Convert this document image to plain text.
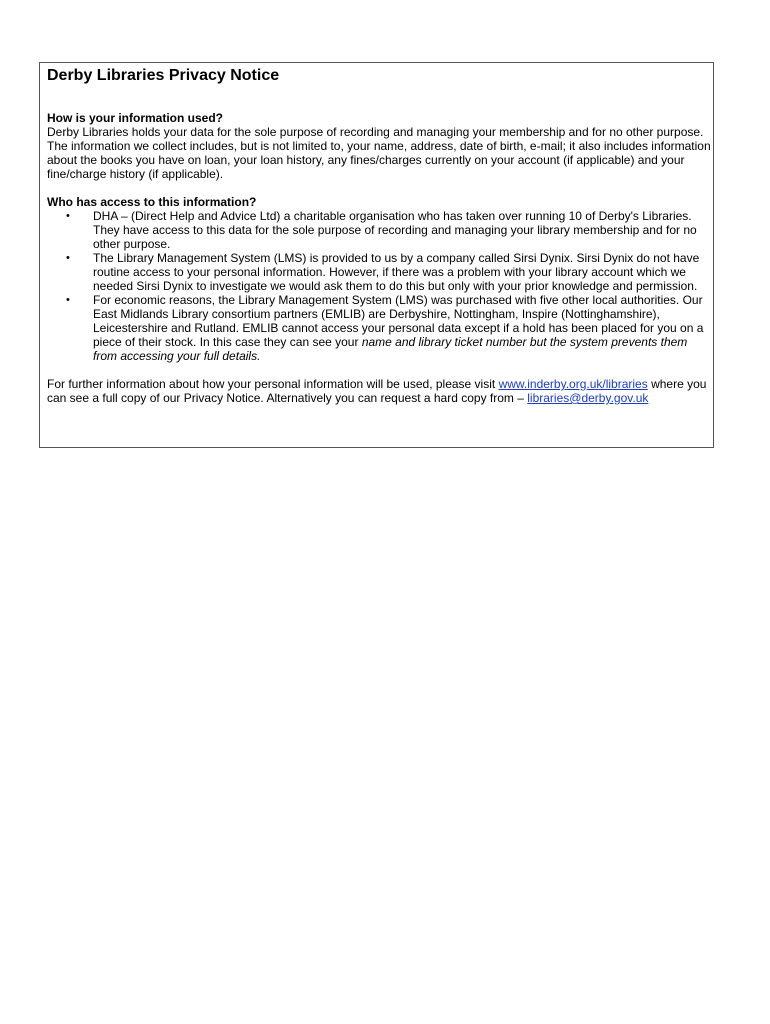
Derby Libraries Privacy Notice

How is your information used?

Derby Libraries holds your data for the sole purpose of recording and managing your membership and for no other purpose. The information we collect includes, but is not limited to, your name, address, date of birth, e-mail; it also includes information about the books you have on loan, your loan history, any fines/charges currently on your account (if applicable) and your fine/charge history (if applicable).

Who has access to this information?

• DHA – (Direct Help and Advice Ltd) a charitable organisation who has taken over running 10 of Derby's Libraries. They have access to this data for the sole purpose of recording and managing your library membership and for no other purpose.
• The Library Management System (LMS) is provided to us by a company called Sirsi Dynix. Sirsi Dynix do not have routine access to your personal information. However, if there was a problem with your library account which we needed Sirsi Dynix to investigate we would ask them to do this but only with your prior knowledge and permission.
• For economic reasons, the Library Management System (LMS) was purchased with five other local authorities. Our East Midlands Library consortium partners (EMLIB) are Derbyshire, Nottingham, Inspire (Nottinghamshire), Leicestershire and Rutland. EMLIB cannot access your personal data except if a hold has been placed for you on a piece of their stock. In this case they can see your name and library ticket number but the system prevents them from accessing your full details.

For further information about how your personal information will be used, please visit www.inderby.org.uk/libraries where you can see a full copy of our Privacy Notice. Alternatively you can request a hard copy from – libraries@derby.gov.uk
